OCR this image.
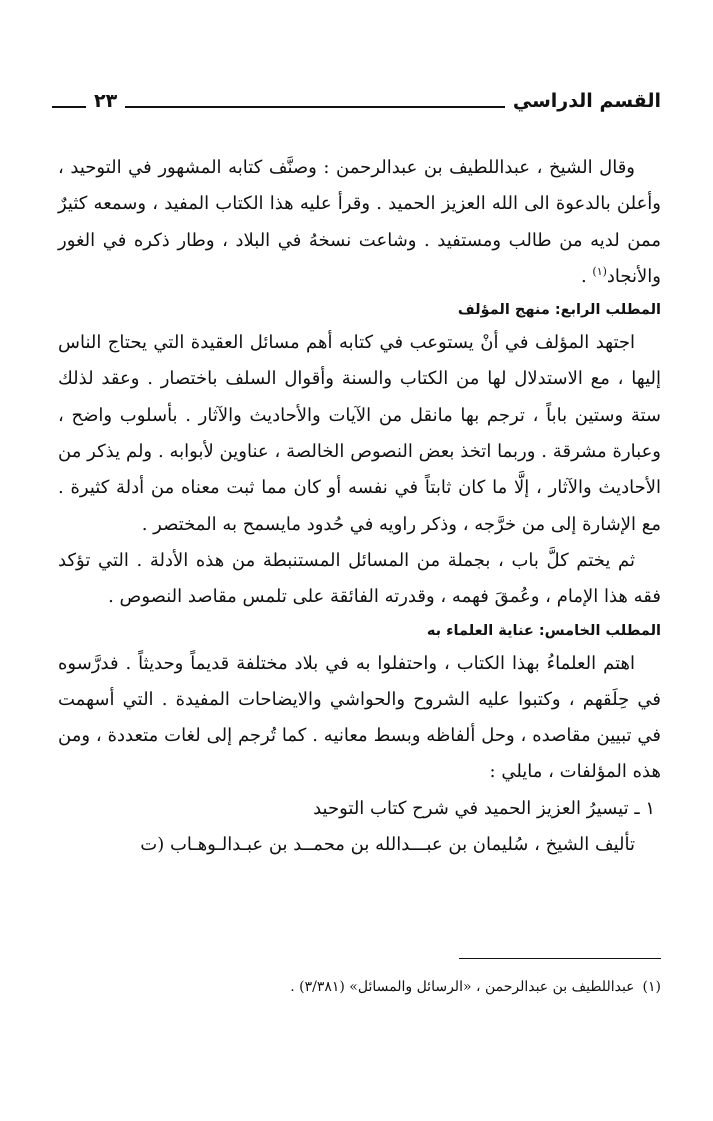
القسم الدراسي
٢٣

وقال الشيخ ، عبداللطيف بن عبدالرحمن : وصنَّف كتابه المشهور في التوحيد ، وأعلن بالدعوة الى الله العزيز الحميد . وقرأ عليه هذا الكتاب المفيد ، وسمعه كثيرٌ ممن لديه من طالب ومستفيد . وشاعت نسخهُ في البلاد ، وطار ذكره في الغور والأنجاد$^{(١)}$ .

المطلب الرابع: منهج المؤلف

اجتهد المؤلف في أنْ يستوعب في كتابه أهم مسائل العقيدة التي يحتاج الناس إليها ، مع الاستدلال لها من الكتاب والسنة وأقوال السلف باختصار . وعقد لذلك ستة وستين باباً ، ترجم بها مانقل من الآيات والأحاديث والآثار . بأسلوب واضح ، وعبارة مشرقة . وربما اتخذ بعض النصوص الخالصة ، عناوين لأبوابه . ولم يذكر من الأحاديث والآثار ، إلَّا ما كان ثابتاً في نفسه أو كان مما ثبت معناه من أدلة كثيرة . مع الإشارة إلى من خرَّجه ، وذكر راويه في حُدود مايسمح به المختصر .

ثم يختم كلَّ باب ، بجملة من المسائل المستنبطة من هذه الأدلة . التي تؤكد فقه هذا الإمام ، وعُمقَ فهمه ، وقدرته الفائقة على تلمس مقاصد النصوص .

المطلب الخامس: عناية العلماء به

اهتم العلماءُ بهذا الكتاب ، واحتفلوا به في بلاد مختلفة قديماً وحديثاً . فدرَّسوه في حِلَقهم ، وكتبوا عليه الشروح والحواشي والايضاحات المفيدة . التي أسهمت في تبيين مقاصده ، وحل ألفاظه وبسط معانيه . كما تُرجم إلى لغات متعددة ، ومن هذه المؤلفات ، مايلي :

١ ـ تيسيرُ العزيز الحميد في شرح كتاب التوحيد

تأليف الشيخ ، سُليمان بن عبـــدالله بن محمــد بن عبـدالـوهـاب (ت

(١)عبداللطيف بن عبدالرحمن ، «الرسائل والمسائل» (٣/٣٨١) .
